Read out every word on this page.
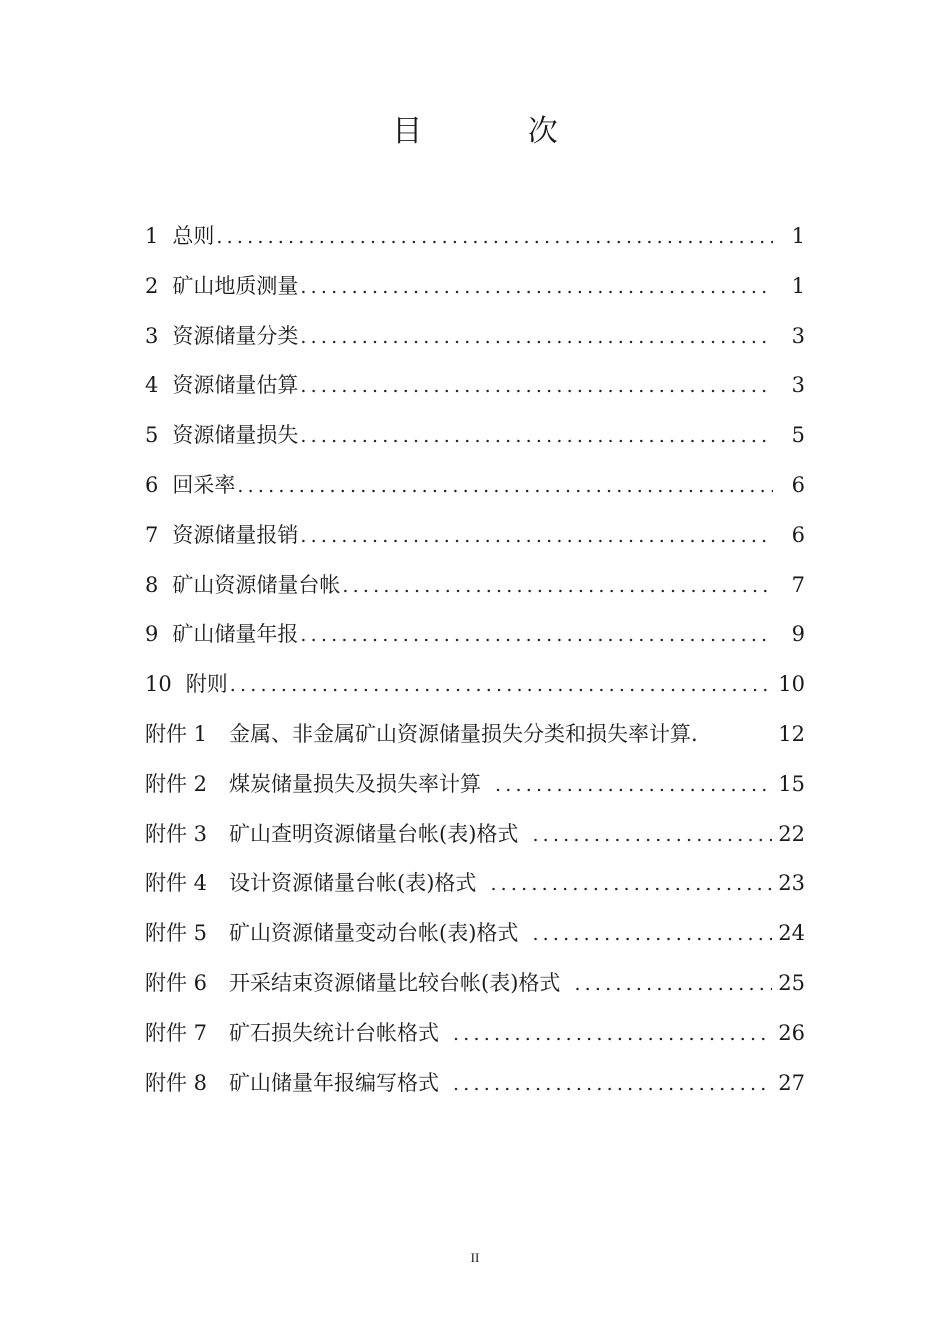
目 次
1 总则 .....	1
2 矿山地质测量 .....	1
3 资源储量分类 .....	3
4 资源储量估算 .....	3
5 资源储量损失 .....	5
6 回采率 .....	6
7 资源储量报销 .....	6
8 矿山资源储量台帐 .....	7
9 矿山储量年报 .....	9
10 附则 .....	10
附件 1 金属、非金属矿山资源储量损失分类和损失率计算.	12
附件 2 煤炭储量损失及损失率计算 .....	15
附件 3 矿山查明资源储量台帐(表)格式 .....	22
附件 4 设计资源储量台帐(表)格式 .....	23
附件 5 矿山资源储量变动台帐(表)格式 .....	24
附件 6 开采结束资源储量比较台帐(表)格式 .....	25
附件 7 矿石损失统计台帐格式 .....	26
附件 8 矿山储量年报编写格式 .....	27
II
